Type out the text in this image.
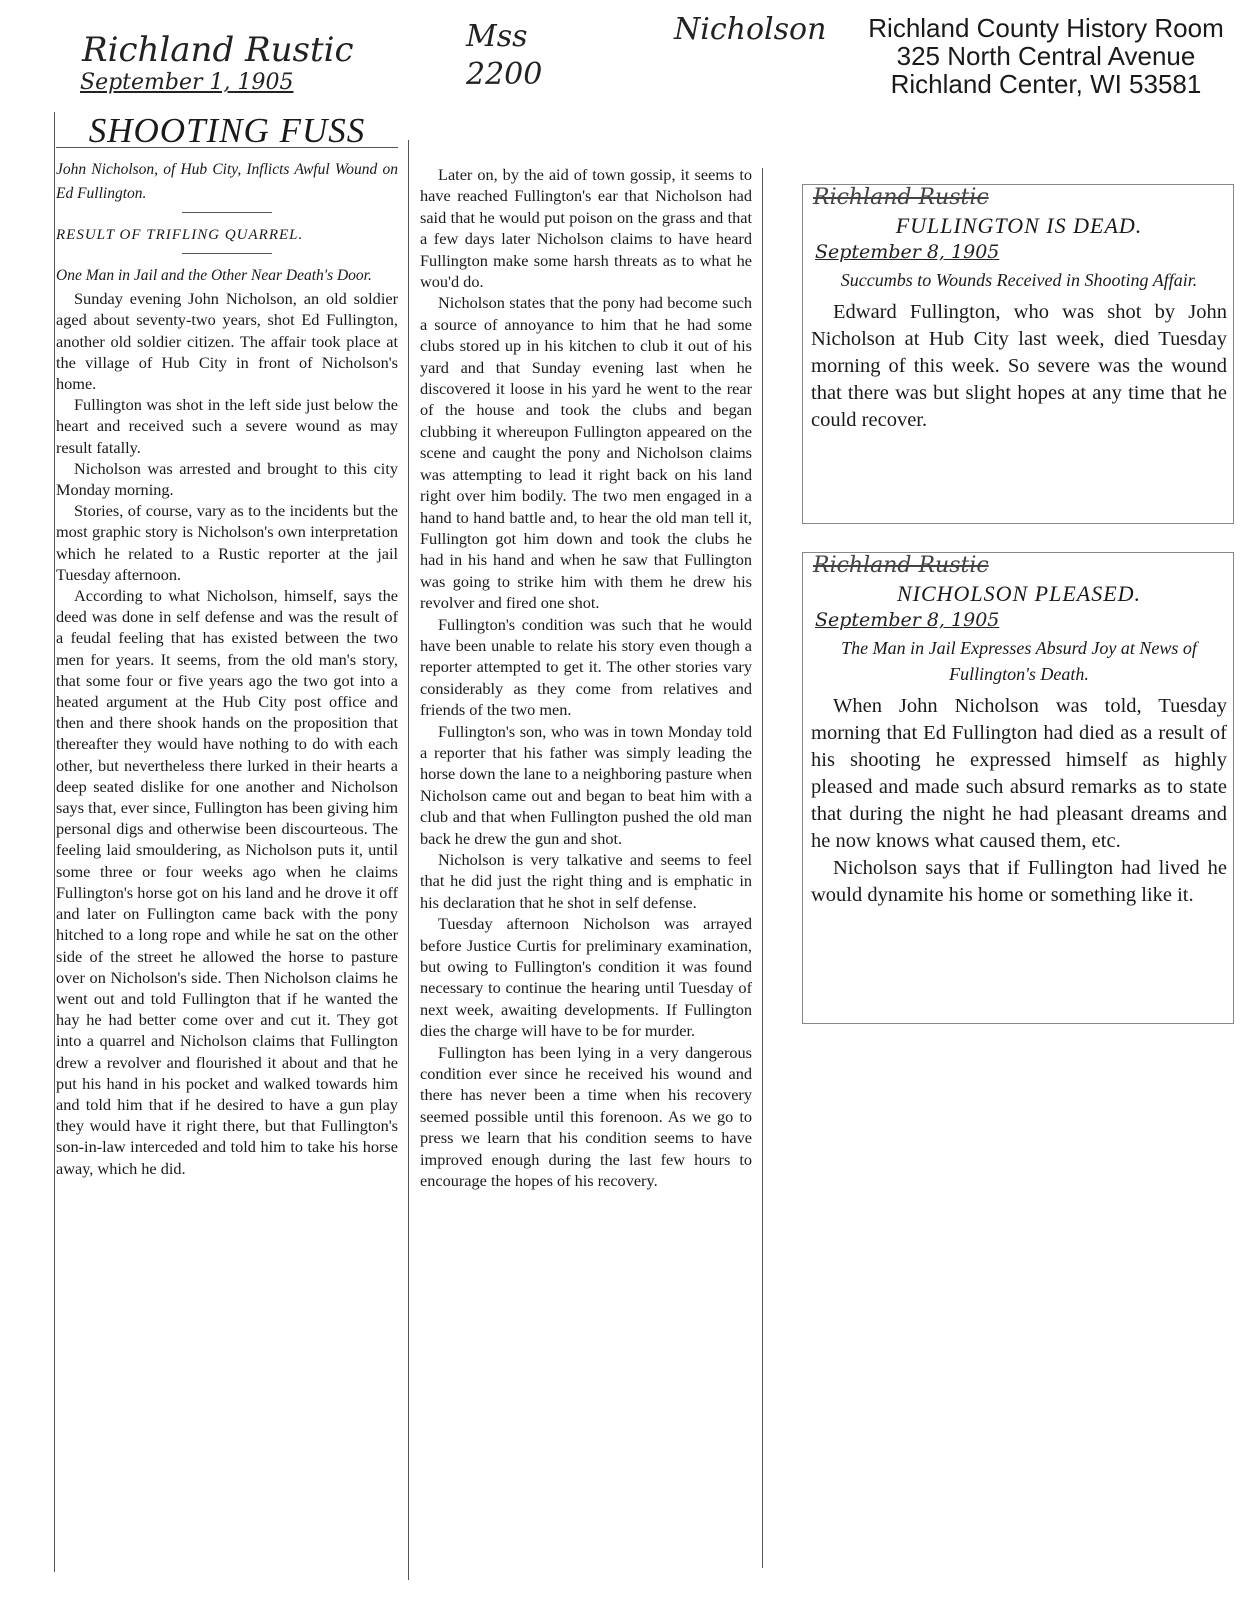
Richland Rustic
September 1, 1905
Mss 2200
Nicholson Richland County History Room
325 North Central Avenue
Richland Center, WI 53581
SHOOTING FUSS

John Nicholson, of Hub City, Inflicts Awful Wound on Ed Fullington.

RESULT OF TRIFLING QUARREL.

One Man in Jail and the Other Near Death's Door.

Sunday evening John Nicholson, an old soldier aged about seventy-two years, shot Ed Fullington, another old soldier citizen. The affair took place at the village of Hub City in front of Nicholson's home.

Fullington was shot in the left side just below the heart and received such a severe wound as may result fatally.

Nicholson was arrested and brought to this city Monday morning.

Stories, of course, vary as to the incidents but the most graphic story is Nicholson's own interpretation which he related to a Rustic reporter at the jail Tuesday afternoon.

According to what Nicholson, himself, says the deed was done in self defense and was the result of a feudal feeling that has existed between the two men for years. It seems, from the old man's story, that some four or five years ago the two got into a heated argument at the Hub City post office and then and there shook hands on the proposition that thereafter they would have nothing to do with each other, but nevertheless there lurked in their hearts a deep seated dislike for one another and Nicholson says that, ever since, Fullington has been giving him personal digs and otherwise been discourteous. The feeling laid smouldering, as Nicholson puts it, until some three or four weeks ago when he claims Fullington's horse got on his land and he drove it off and later on Fullington came back with the pony hitched to a long rope and while he sat on the other side of the street he allowed the horse to pasture over on Nicholson's side. Then Nicholson claims he went out and told Fullington that if he wanted the hay he had better come over and cut it. They got into a quarrel and Nicholson claims that Fullington drew a revolver and flourished it about and that he put his hand in his pocket and walked towards him and told him that if he desired to have a gun play they would have it right there, but that Fullington's son-in-law interceded and told him to take his horse away, which he did.

Later on, by the aid of town gossip, it seems to have reached Fullington's ear that Nicholson had said that he would put poison on the grass and that a few days later Nicholson claims to have heard Fullington make some harsh threats as to what he wou'd do.

Nicholson states that the pony had become such a source of annoyance to him that he had some clubs stored up in his kitchen to club it out of his yard and that Sunday evening last when he discovered it loose in his yard he went to the rear of the house and took the clubs and began clubbing it whereupon Fullington appeared on the scene and caught the pony and Nicholson claims was attempting to lead it right back on his land right over him bodily. The two men engaged in a hand to hand battle and, to hear the old man tell it, Fullington got him down and took the clubs he had in his hand and when he saw that Fullington was going to strike him with them he drew his revolver and fired one shot.

Fullington's condition was such that he would have been unable to relate his story even though a reporter attempted to get it. The other stories vary considerably as they come from relatives and friends of the two men.

Fullington's son, who was in town Monday told a reporter that his father was simply leading the horse down the lane to a neighboring pasture when Nicholson came out and began to beat him with a club and that when Fullington pushed the old man back he drew the gun and shot.

Nicholson is very talkative and seems to feel that he did just the right thing and is emphatic in his declaration that he shot in self defense.

Tuesday afternoon Nicholson was arrayed before Justice Curtis for preliminary examination, but owing to Fullington's condition it was found necessary to continue the hearing until Tuesday of next week, awaiting developments. If Fullington dies the charge will have to be for murder.

Fullington has been lying in a very dangerous condition ever since he received his wound and there has never been a time when his recovery seemed possible until this forenoon. As we go to press we learn that his condition seems to have improved enough during the last few hours to encourage the hopes of his recovery.

Richland Rustic

FULLINGTON IS DEAD.

September 8, 1905

Succumbs to Wounds Received in Shooting Affair.

Edward Fullington, who was shot by John Nicholson at Hub City last week, died Tuesday morning of this week. So severe was the wound that there was but slight hopes at any time that he could recover.

Richland Rustic

NICHOLSON PLEASED.

September 8, 1905

The Man in Jail Expresses Absurd Joy at News of Fullington's Death.

When John Nicholson was told, Tuesday morning that Ed Fullington had died as a result of his shooting he expressed himself as highly pleased and made such absurd remarks as to state that during the night he had pleasant dreams and he now knows what caused them, etc.

Nicholson says that if Fullington had lived he would dynamite his home or something like it.
